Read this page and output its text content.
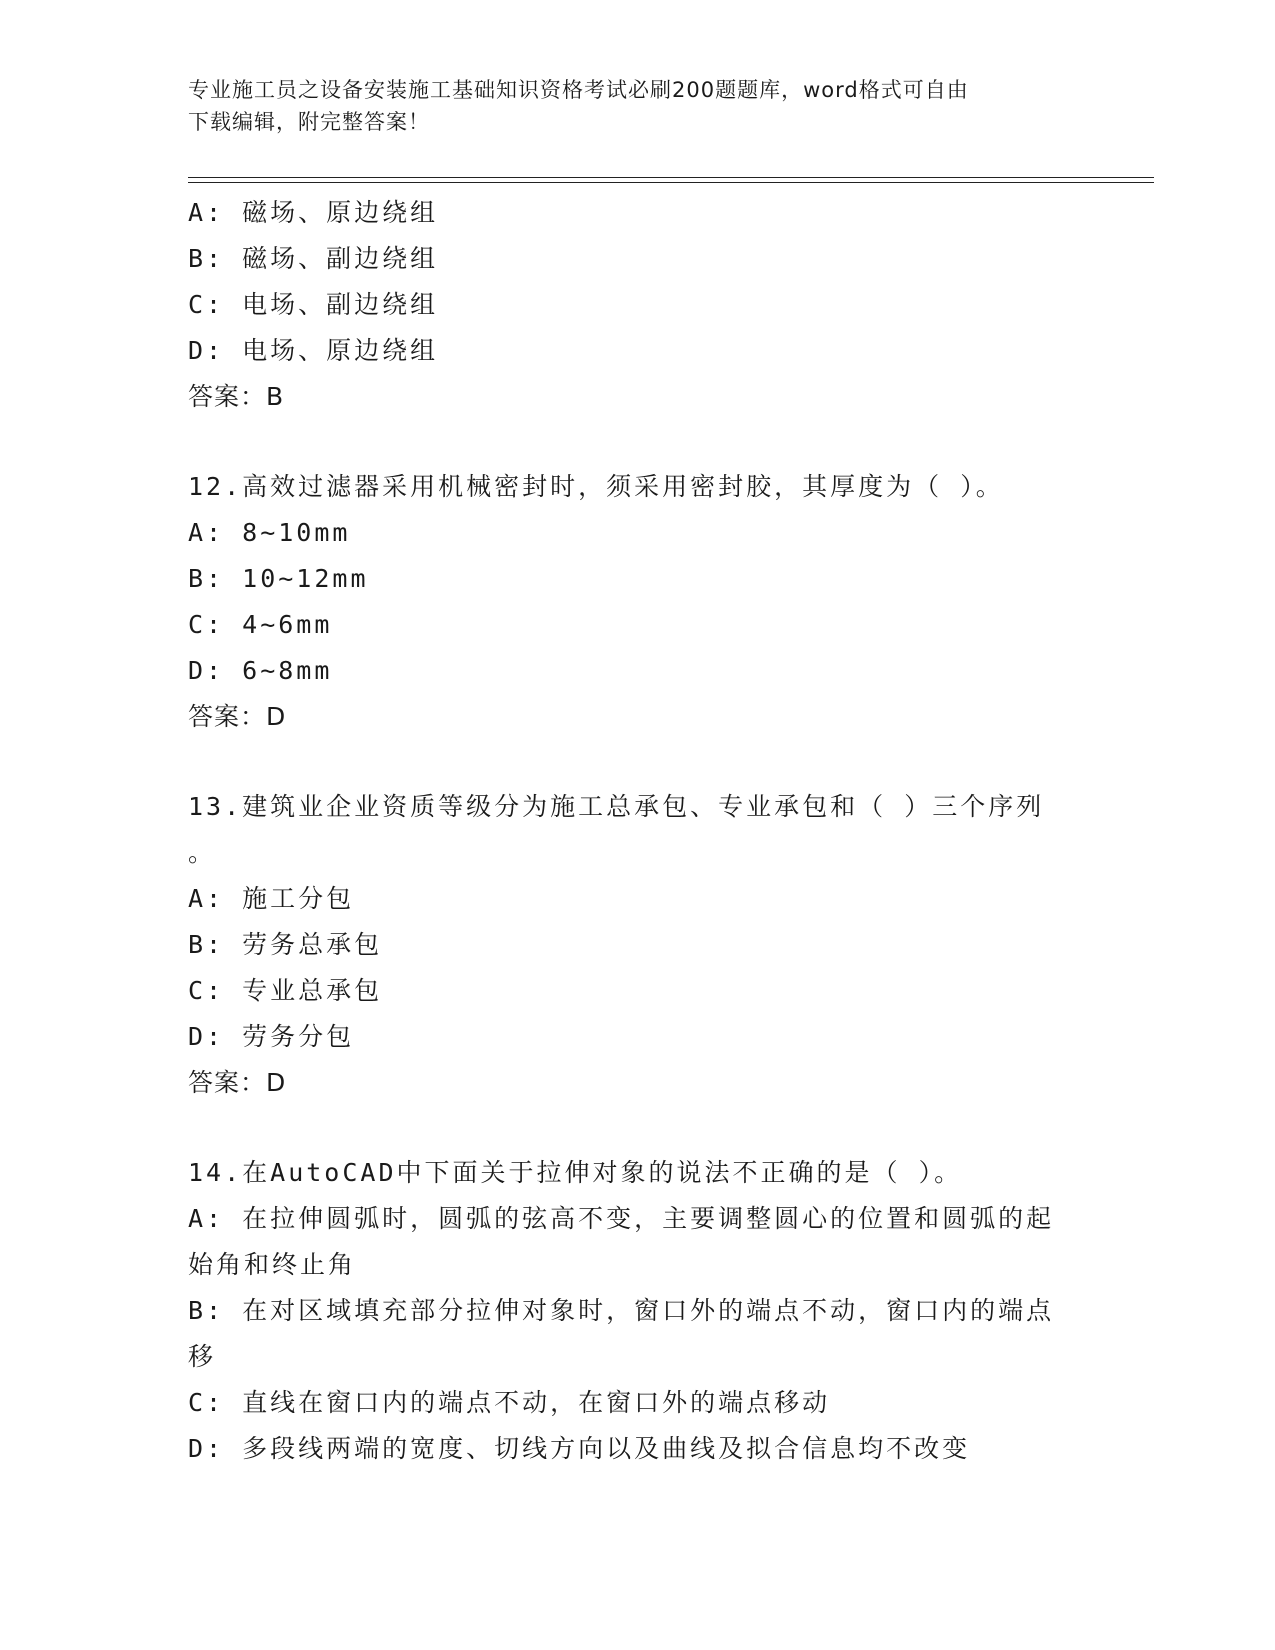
专业施工员之设备安装施工基础知识资格考试必刷200题题库，word格式可自由
下载编辑，附完整答案！
A: 磁场、原边绕组
B: 磁场、副边绕组
C: 电场、副边绕组
D: 电场、原边绕组
答案：B
12.高效过滤器采用机械密封时，须采用密封胶，其厚度为（ ）。
A: 8~10mm
B: 10~12mm
C: 4~6mm
D: 6~8mm
答案：D
13.建筑业企业资质等级分为施工总承包、专业承包和（ ）三个序列
。
A: 施工分包
B: 劳务总承包
C: 专业总承包
D: 劳务分包
答案：D
14.在AutoCAD中下面关于拉伸对象的说法不正确的是（ ）。
A: 在拉伸圆弧时，圆弧的弦高不变，主要调整圆心的位置和圆弧的起
始角和终止角
B: 在对区域填充部分拉伸对象时，窗口外的端点不动，窗口内的端点
移
C: 直线在窗口内的端点不动，在窗口外的端点移动
D: 多段线两端的宽度、切线方向以及曲线及拟合信息均不改变
